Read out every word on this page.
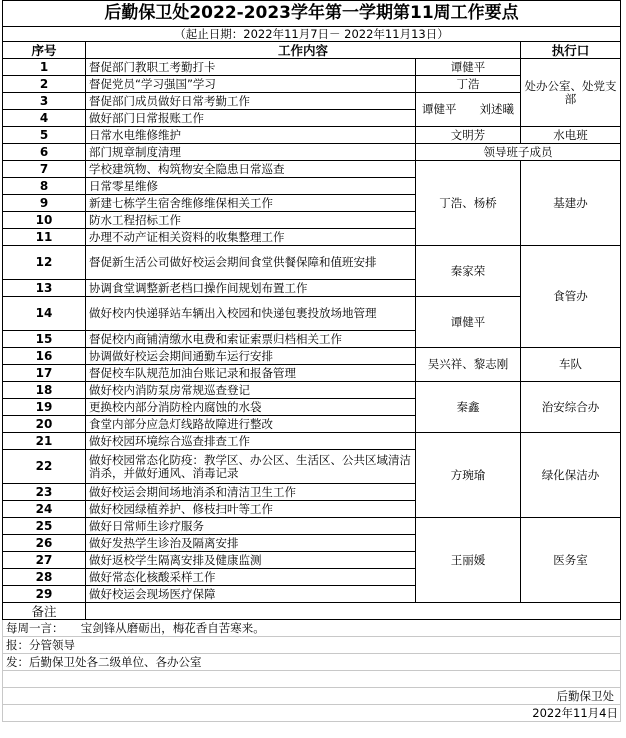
后勤保卫处2022-2023学年第一学期第11周工作要点			
（起止日期：2022年11月7日－ 2022年11月13日）			
序号	工作内容		执行口
1	督促部门教职工考勤打卡	谭健平	处办公室、处党支部
2	督促党员“学习强国”学习	丁浩	
3	督促部门成员做好日常考勤工作	谭健平　　刘述曦	
4	做好部门日常报账工作		
5	日常水电维修维护	文明芳	水电班
6	部门规章制度清理	领导班子成员	
7	学校建筑物、构筑物安全隐患日常巡查	丁浩、杨桥	基建办
8	日常零星维修		
9	新建七栋学生宿舍维修维保相关工作		
10	防水工程招标工作		
11	办理不动产证相关资料的收集整理工作		
12	督促新生活公司做好校运会期间食堂供餐保障和值班安排	秦家荣	食管办
13	协调食堂调整新老档口操作间规划布置工作		
14	做好校内快递驿站车辆出入校园和快递包裹投放场地管理	谭健平	
15	督促校内商铺清缴水电费和索证索票归档相关工作		
16	协调做好校运会期间通勤车运行安排	吴兴祥、黎志刚	车队
17	督促校车队规范加油台账记录和报备管理		
18	做好校内消防泵房常规巡查登记	秦鑫	治安综合办
19	更换校内部分消防栓内腐蚀的水袋		
20	食堂内部分应急灯线路故障进行整改		
21	做好校园环境综合巡查排查工作	方琬瑜	绿化保洁办
22	做好校园常态化防疫：教学区、办公区、生活区、公共区域清洁消杀，并做好通风、消毒记录		
23	做好校运会期间场地消杀和清洁卫生工作		
24	做好校园绿植养护、修枝扫叶等工作		
25	做好日常师生诊疗服务	王丽媛	医务室
26	做好发热学生诊治及隔离安排		
27	做好返校学生隔离安排及健康监测		
28	做好常态化核酸采样工作		
29	做好校运会现场医疗保障		
备注			
每周一言：　　宝剑锋从磨砺出，梅花香自苦寒来。			
报：分管领导			
发：后勤保卫处各二级单位、各办公室			

后勤保卫处			
2022年11月4日			
